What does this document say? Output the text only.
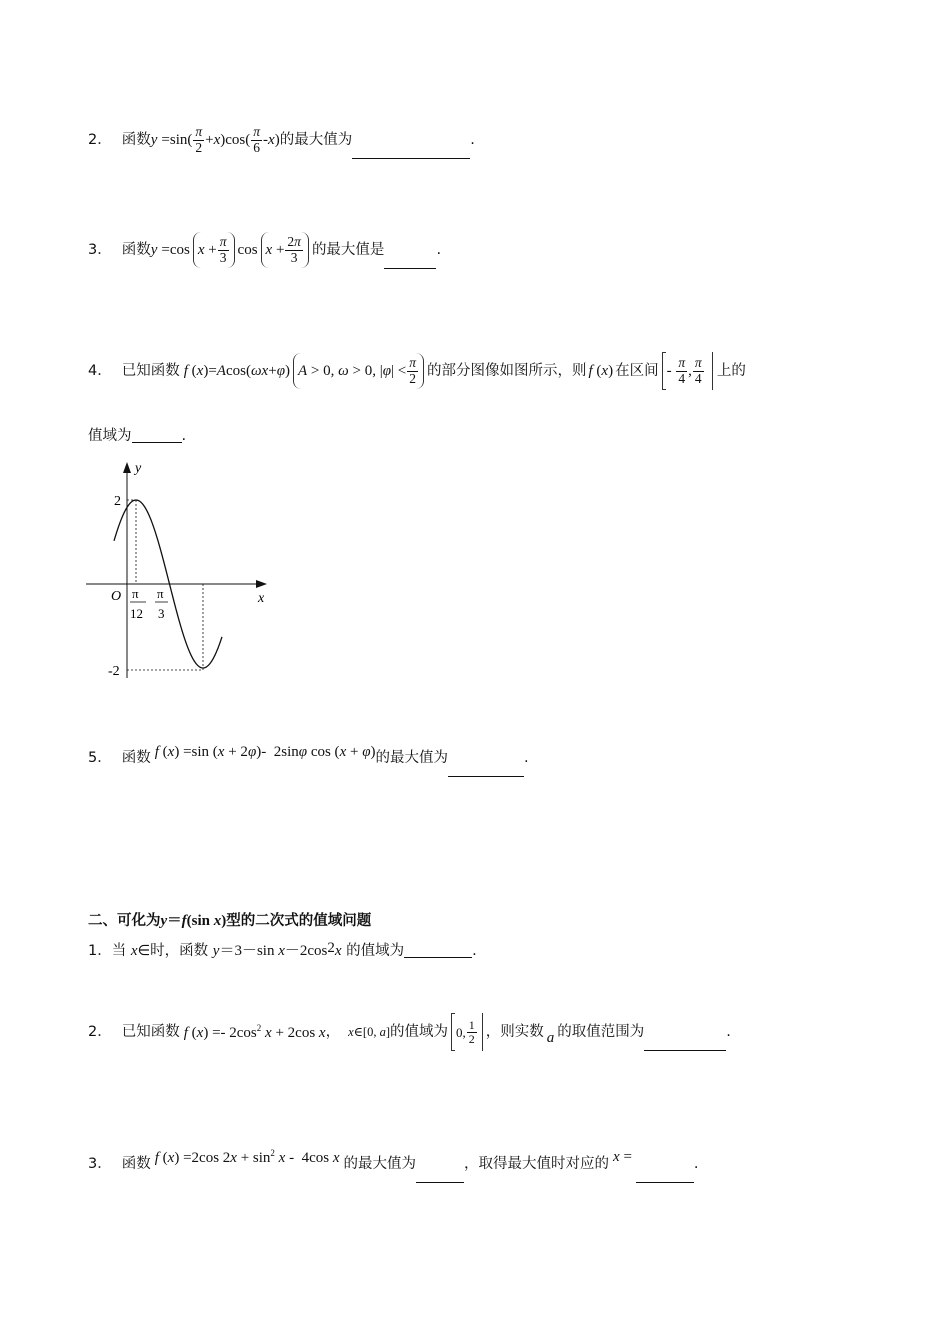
2． 函数 $y =\sin( \frac{\pi}{2} + x$ )$\cos( \frac{\pi}{6}$ - x ) 的最大值为	.
3． 函数 y =cos $x + \frac{\pi}{3}$ $\cos x + \frac{2\pi}{3}$ 的最大值是	.
4． 已知函数 f ( x )= A cos( ωx + φ ) A > 0, ω > 0, | φ | < $\frac{\pi}{2}$ 的部分图像如图所示，则 f (x) 在区间 - $\frac{\pi}{4}$ , $\frac{\pi}{4}$ 上的
值域为	.
y
x
O
2
-2
π
12
π
3
5． 函数 f (x) =sin (x + 2φ)-  2sinφ cos (x + φ) 的最大值为	.
二、可化为 y ＝ f (sin x ) 型的二次式的值域问题
1．当 x ∈时，函数 y ＝3－sin x －2cos 2 x 的值域为	.
2． 已知函数 f $(x) =- 2\cos^2$ x + 2cos x ， x∈[0, a] 的值域为 0, $\frac{1}{2}$ ，则实数 a 的取值范围为	.
3． 函数 f (x) =2cos $2x + \sin^2 x - 4\cos$ x 的最大值为	，取得最大值时对应的 x =	.
